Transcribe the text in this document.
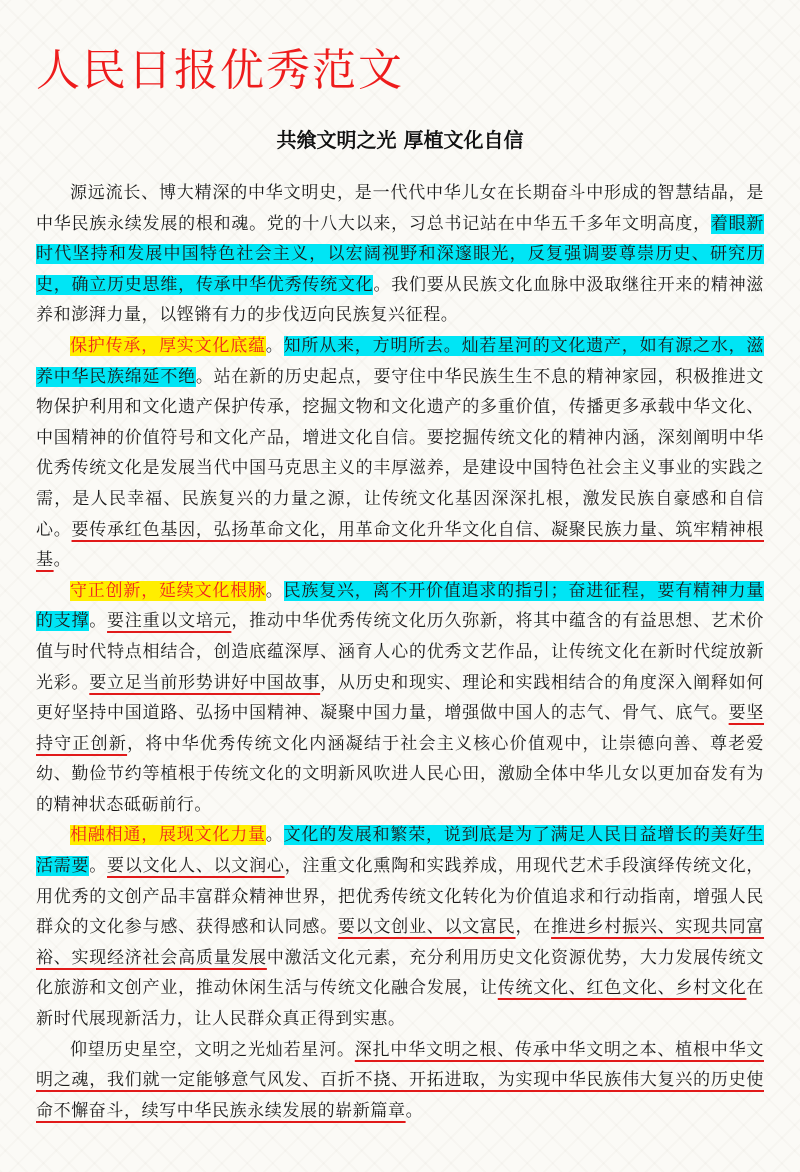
人民日报优秀范文
共飨文明之光 厚植文化自信

源远流长、博大精深的中华文明史，是一代代中华儿女在长期奋斗中形成的智慧结晶，是中华民族永续发展的根和魂。党的十八大以来，习总书记站在中华五千多年文明高度，着眼新时代坚持和发展中国特色社会主义，以宏阔视野和深邃眼光，反复强调要尊崇历史、研究历史，确立历史思维，传承中华优秀传统文化。我们要从民族文化血脉中汲取继往开来的精神滋养和澎湃力量，以铿锵有力的步伐迈向民族复兴征程。

保护传承，厚实文化底蕴。知所从来，方明所去。灿若星河的文化遗产，如有源之水，滋养中华民族绵延不绝。站在新的历史起点，要守住中华民族生生不息的精神家园，积极推进文物保护利用和文化遗产保护传承，挖掘文物和文化遗产的多重价值，传播更多承载中华文化、中国精神的价值符号和文化产品，增进文化自信。要挖掘传统文化的精神内涵，深刻阐明中华优秀传统文化是发展当代中国马克思主义的丰厚滋养，是建设中国特色社会主义事业的实践之需，是人民幸福、民族复兴的力量之源，让传统文化基因深深扎根，激发民族自豪感和自信心。要传承红色基因，弘扬革命文化，用革命文化升华文化自信、凝聚民族力量、筑牢精神根基。

守正创新，延续文化根脉。民族复兴，离不开价值追求的指引；奋进征程，要有精神力量的支撑。要注重以文培元，推动中华优秀传统文化历久弥新，将其中蕴含的有益思想、艺术价值与时代特点相结合，创造底蕴深厚、涵育人心的优秀文艺作品，让传统文化在新时代绽放新光彩。要立足当前形势讲好中国故事，从历史和现实、理论和实践相结合的角度深入阐释如何更好坚持中国道路、弘扬中国精神、凝聚中国力量，增强做中国人的志气、骨气、底气。要坚持守正创新，将中华优秀传统文化内涵凝结于社会主义核心价值观中，让崇德向善、尊老爱幼、勤俭节约等植根于传统文化的文明新风吹进人民心田，激励全体中华儿女以更加奋发有为的精神状态砥砺前行。

相融相通，展现文化力量。文化的发展和繁荣，说到底是为了满足人民日益增长的美好生活需要。要以文化人、以文润心，注重文化熏陶和实践养成，用现代艺术手段演绎传统文化，用优秀的文创产品丰富群众精神世界，把优秀传统文化转化为价值追求和行动指南，增强人民群众的文化参与感、获得感和认同感。要以文创业、以文富民，在推进乡村振兴、实现共同富裕、实现经济社会高质量发展中激活文化元素，充分利用历史文化资源优势，大力发展传统文化旅游和文创产业，推动休闲生活与传统文化融合发展，让传统文化、红色文化、乡村文化在新时代展现新活力，让人民群众真正得到实惠。

仰望历史星空，文明之光灿若星河。深扎中华文明之根、传承中华文明之本、植根中华文明之魂，我们就一定能够意气风发、百折不挠、开拓进取，为实现中华民族伟大复兴的历史使命不懈奋斗，续写中华民族永续发展的崭新篇章。
